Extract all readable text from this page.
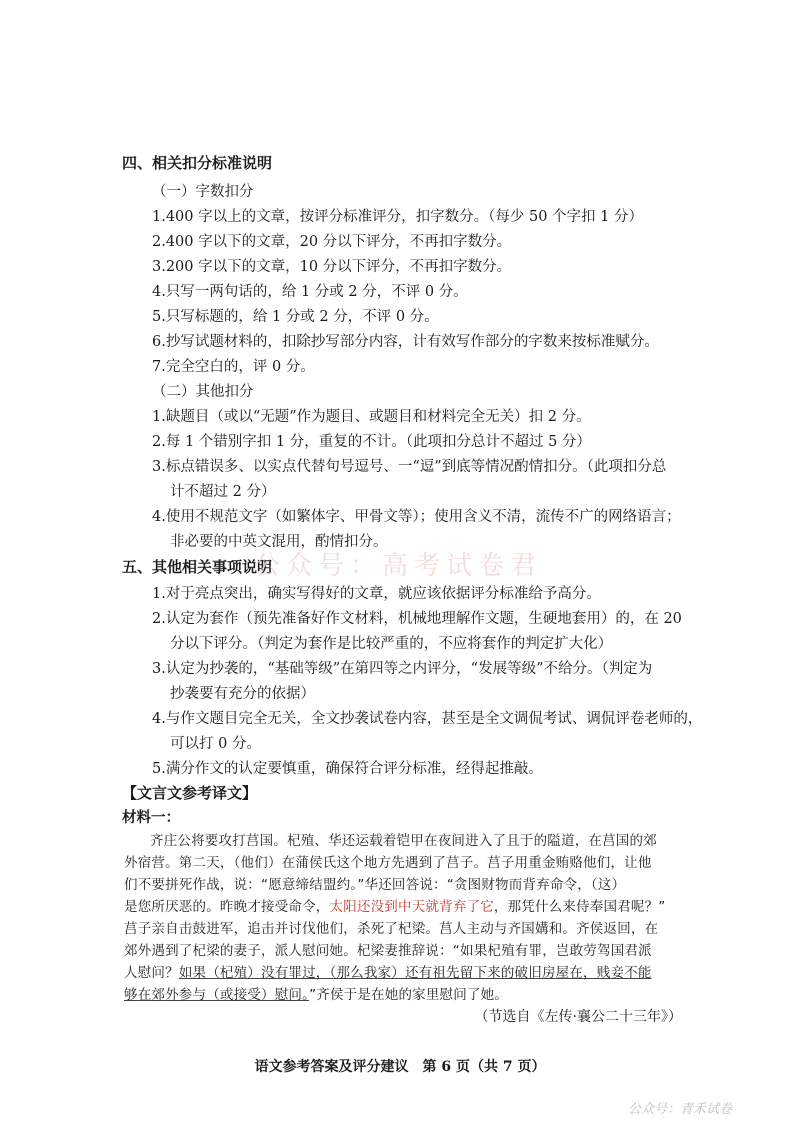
四、相关扣分标准说明
（一）字数扣分
1.400 字以上的文章，按评分标准评分，扣字数分。（每少 50 个字扣 1 分）
2.400 字以下的文章，20 分以下评分，不再扣字数分。
3.200 字以下的文章，10 分以下评分，不再扣字数分。
4.只写一两句话的，给 1 分或 2 分，不评 0 分。
5.只写标题的，给 1 分或 2 分，不评 0 分。
6.抄写试题材料的，扣除抄写部分内容，计有效写作部分的字数来按标准赋分。
7.完全空白的，评 0 分。
（二）其他扣分
1.缺题目（或以“无题”作为题目、或题目和材料完全无关）扣 2 分。
2.每 1 个错别字扣 1 分，重复的不计。（此项扣分总计不超过 5 分）
3.标点错误多、以实点代替句号逗号、一“逗”到底等情况酌情扣分。（此项扣分总
计不超过 2 分）
4.使用不规范文字（如繁体字、甲骨文等）；使用含义不清，流传不广的网络语言；
非必要的中英文混用，酌情扣分。
五、其他相关事项说明
公众号：高考试卷君
1.对于亮点突出，确实写得好的文章，就应该依据评分标准给予高分。
2.认定为套作（预先准备好作文材料，机械地理解作文题，生硬地套用）的，在 20
分以下评分。（判定为套作是比较严重的，不应将套作的判定扩大化）
3.认定为抄袭的，“基础等级”在第四等之内评分，“发展等级”不给分。（判定为
抄袭要有充分的依据）
4.与作文题目完全无关，全文抄袭试卷内容，甚至是全文调侃考试、调侃评卷老师的，
可以打 0 分。
5.满分作文的认定要慎重，确保符合评分标准，经得起推敲。
【文言文参考译文】
材料一：
齐庄公将要攻打莒国。杞殖、华还运载着铠甲在夜间进入了且于的隘道，在莒国的郊
外宿营。第二天，（他们）在蒲侯氏这个地方先遇到了莒子。莒子用重金贿赂他们，让他
们不要拼死作战，说：“愿意缔结盟约。”华还回答说：“贪图财物而背弃命令，（这）
是您所厌恶的。昨晚才接受命令，太阳还没到中天就背弃了它，那凭什么来侍奉国君呢？”
莒子亲自击鼓进军，追击并讨伐他们，杀死了杞梁。莒人主动与齐国媾和。齐侯返回，在
郊外遇到了杞梁的妻子，派人慰问她。杞梁妻推辞说：“如果杞殖有罪，岂敢劳驾国君派
人慰问？如果（杞殖）没有罪过，（那么我家）还有祖先留下来的破旧房屋在，贱妾不能
够在郊外参与（或接受）慰问。”齐侯于是在她的家里慰问了她。
（节选自《左传·襄公二十三年》）
语文参考答案及评分建议　第 6 页（共 7 页）
公众号：青禾试卷
